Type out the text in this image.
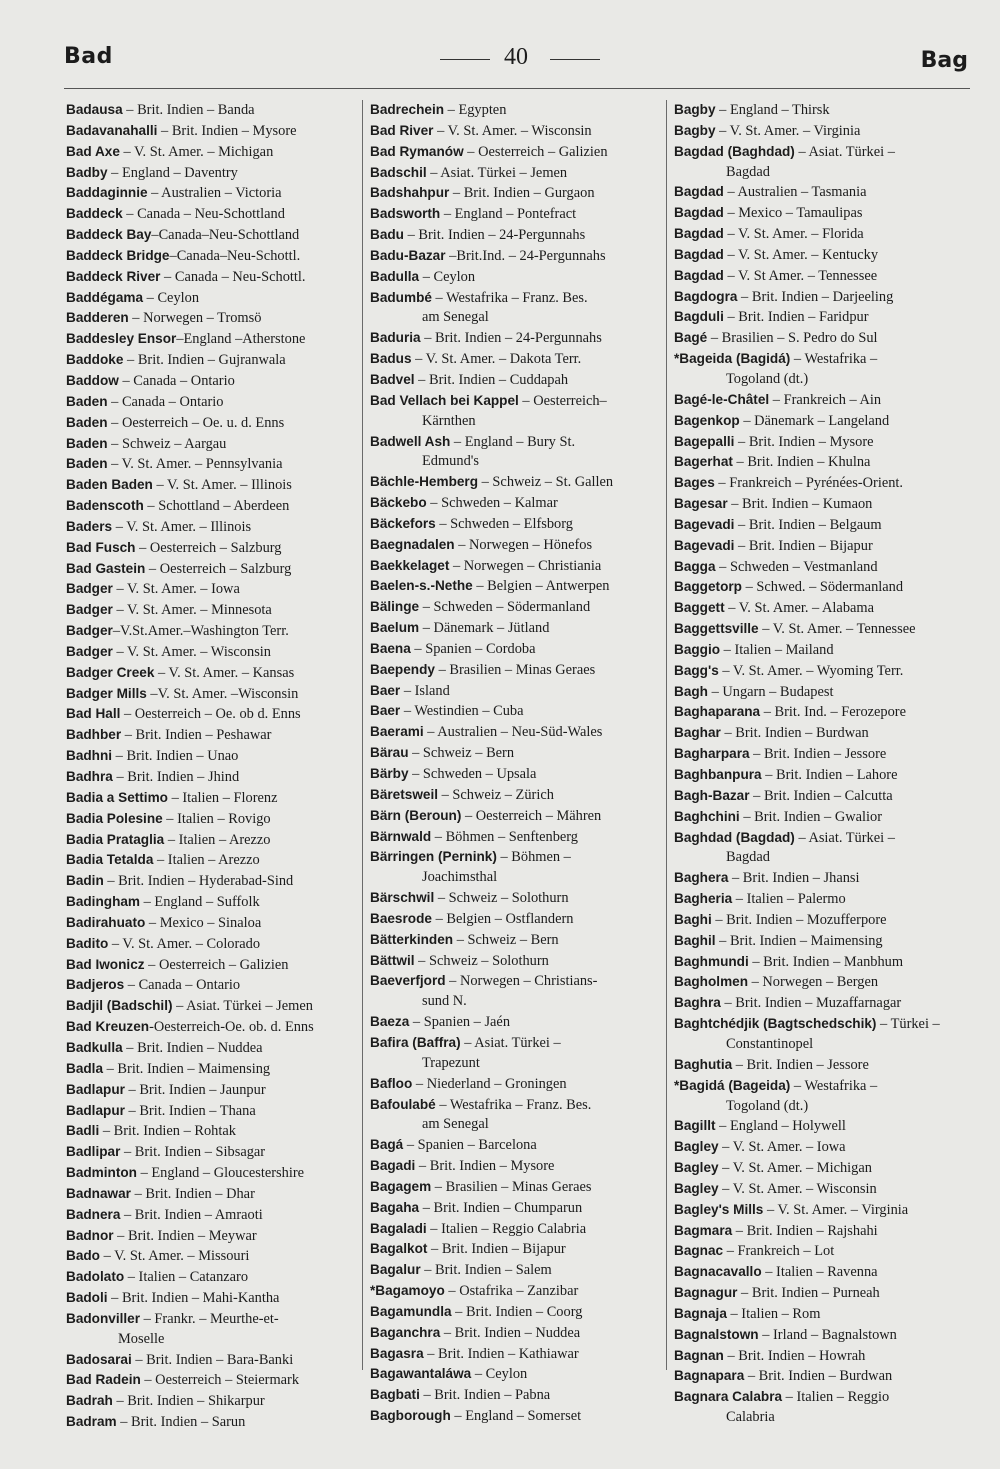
Bad	40	Bag
Badausa – Brit. Indien – Banda
Badavanahalli – Brit. Indien – Mysore
Bad Axe – V. St. Amer. – Michigan
Badby – England – Daventry
Baddaginnie – Australien – Victoria
Baddeck – Canada – Neu-Schottland
Baddeck Bay–Canada–Neu-Schottland
Baddeck Bridge–Canada–Neu-Schottl.
Baddeck River – Canada – Neu-Schottl.
Baddégama – Ceylon
Badderen – Norwegen – Tromsö
Baddesley Ensor–England –Atherstone
Baddoke – Brit. Indien – Gujranwala
Baddow – Canada – Ontario
Baden – Canada – Ontario
Baden – Oesterreich – Oe. u. d. Enns
Baden – Schweiz – Aargau
Baden – V. St. Amer. – Pennsylvania
Baden Baden – V. St. Amer. – Illinois
Badenscoth – Schottland – Aberdeen
Baders – V. St. Amer. – Illinois
Bad Fusch – Oesterreich – Salzburg
Bad Gastein – Oesterreich – Salzburg
Badger – V. St. Amer. – Iowa
Badger – V. St. Amer. – Minnesota
Badger–V.St.Amer.–Washington Terr.
Badger – V. St. Amer. – Wisconsin
Badger Creek – V. St. Amer. – Kansas
Badger Mills –V. St. Amer. –Wisconsin
Bad Hall – Oesterreich – Oe. ob d. Enns
Badhber – Brit. Indien – Peshawar
Badhni – Brit. Indien – Unao
Badhra – Brit. Indien – Jhind
Badia a Settimo – Italien – Florenz
Badia Polesine – Italien – Rovigo
Badia Prataglia – Italien – Arezzo
Badia Tetalda – Italien – Arezzo
Badin – Brit. Indien – Hyderabad-Sind
Badingham – England – Suffolk
Badirahuato – Mexico – Sinaloa
Badito – V. St. Amer. – Colorado
Bad Iwonicz – Oesterreich – Galizien
Badjeros – Canada – Ontario
Badjil (Badschil) – Asiat. Türkei – Jemen
Bad Kreuzen-Oesterreich-Oe. ob. d. Enns
Badkulla – Brit. Indien – Nuddea
Badla – Brit. Indien – Maimensing
Badlapur – Brit. Indien – Jaunpur
Badlapur – Brit. Indien – Thana
Badli – Brit. Indien – Rohtak
Badlipar – Brit. Indien – Sibsagar
Badminton – England – Gloucestershire
Badnawar – Brit. Indien – Dhar
Badnera – Brit. Indien – Amraoti
Badnor – Brit. Indien – Meywar
Bado – V. St. Amer. – Missouri
Badolato – Italien – Catanzaro
Badoli – Brit. Indien – Mahi-Kantha
Badonviller – Frankr. – Meurthe-et-
Moselle
Badosarai – Brit. Indien – Bara-Banki
Bad Radein – Oesterreich – Steiermark
Badrah – Brit. Indien – Shikarpur
Badram – Brit. Indien – Sarun
Badrechein – Egypten
Bad River – V. St. Amer. – Wisconsin
Bad Rymanów – Oesterreich – Galizien
Badschil – Asiat. Türkei – Jemen
Badshahpur – Brit. Indien – Gurgaon
Badsworth – England – Pontefract
Badu – Brit. Indien – 24-Pergunnahs
Badu-Bazar –Brit.Ind. – 24-Pergunnahs
Badulla – Ceylon
Badumbé – Westafrika – Franz. Bes.
am Senegal
Baduria – Brit. Indien – 24-Pergunnahs
Badus – V. St. Amer. – Dakota Terr.
Badvel – Brit. Indien – Cuddapah
Bad Vellach bei Kappel – Oesterreich–
Kärnthen
Badwell Ash – England – Bury St.
Edmund's
Bächle-Hemberg – Schweiz – St. Gallen
Bäckebo – Schweden – Kalmar
Bäckefors – Schweden – Elfsborg
Baegnadalen – Norwegen – Hönefos
Baekkelaget – Norwegen – Christiania
Baelen-s.-Nethe – Belgien – Antwerpen
Bälinge – Schweden – Södermanland
Baelum – Dänemark – Jütland
Baena – Spanien – Cordoba
Baependy – Brasilien – Minas Geraes
Baer – Island
Baer – Westindien – Cuba
Baerami – Australien – Neu-Süd-Wales
Bärau – Schweiz – Bern
Bärby – Schweden – Upsala
Bäretsweil – Schweiz – Zürich
Bärn (Beroun) – Oesterreich – Mähren
Bärnwald – Böhmen – Senftenberg
Bärringen (Pernink) – Böhmen –
Joachimsthal
Bärschwil – Schweiz – Solothurn
Baesrode – Belgien – Ostflandern
Bätterkinden – Schweiz – Bern
Bättwil – Schweiz – Solothurn
Baeverfjord – Norwegen – Christians-
sund N.
Baeza – Spanien – Jaén
Bafira (Baffra) – Asiat. Türkei –
Trapezunt
Bafloo – Niederland – Groningen
Bafoulabé – Westafrika – Franz. Bes.
am Senegal
Bagá – Spanien – Barcelona
Bagadi – Brit. Indien – Mysore
Bagagem – Brasilien – Minas Geraes
Bagaha – Brit. Indien – Chumparun
Bagaladi – Italien – Reggio Calabria
Bagalkot – Brit. Indien – Bijapur
Bagalur – Brit. Indien – Salem
*Bagamoyo – Ostafrika – Zanzibar
Bagamundla – Brit. Indien – Coorg
Baganchra – Brit. Indien – Nuddea
Bagasra – Brit. Indien – Kathiawar
Bagawantaláwa – Ceylon
Bagbati – Brit. Indien – Pabna
Bagborough – England – Somerset
Bagby – England – Thirsk
Bagby – V. St. Amer. – Virginia
Bagdad (Baghdad) – Asiat. Türkei –
Bagdad
Bagdad – Australien – Tasmania
Bagdad – Mexico – Tamaulipas
Bagdad – V. St. Amer. – Florida
Bagdad – V. St. Amer. – Kentucky
Bagdad – V. St Amer. – Tennessee
Bagdogra – Brit. Indien – Darjeeling
Bagduli – Brit. Indien – Faridpur
Bagé – Brasilien – S. Pedro do Sul
*Bageida (Bagidá) – Westafrika –
Togoland (dt.)
Bagé-le-Châtel – Frankreich – Ain
Bagenkop – Dänemark – Langeland
Bagepalli – Brit. Indien – Mysore
Bagerhat – Brit. Indien – Khulna
Bages – Frankreich – Pyrénées-Orient.
Bagesar – Brit. Indien – Kumaon
Bagevadi – Brit. Indien – Belgaum
Bagevadi – Brit. Indien – Bijapur
Bagga – Schweden – Vestmanland
Baggetorp – Schwed. – Södermanland
Baggett – V. St. Amer. – Alabama
Baggettsville – V. St. Amer. – Tennessee
Baggio – Italien – Mailand
Bagg's – V. St. Amer. – Wyoming Terr.
Bagh – Ungarn – Budapest
Baghaparana – Brit. Ind. – Ferozepore
Baghar – Brit. Indien – Burdwan
Bagharpara – Brit. Indien – Jessore
Baghbanpura – Brit. Indien – Lahore
Bagh-Bazar – Brit. Indien – Calcutta
Baghchini – Brit. Indien – Gwalior
Baghdad (Bagdad) – Asiat. Türkei –
Bagdad
Baghera – Brit. Indien – Jhansi
Bagheria – Italien – Palermo
Baghi – Brit. Indien – Mozufferpore
Baghil – Brit. Indien – Maimensing
Baghmundi – Brit. Indien – Manbhum
Bagholmen – Norwegen – Bergen
Baghra – Brit. Indien – Muzaffarnagar
Baghtchédjik (Bagtschedschik) – Türkei –
Constantinopel
Baghutia – Brit. Indien – Jessore
*Bagidá (Bageida) – Westafrika –
Togoland (dt.)
Bagillt – England – Holywell
Bagley – V. St. Amer. – Iowa
Bagley – V. St. Amer. – Michigan
Bagley – V. St. Amer. – Wisconsin
Bagley's Mills – V. St. Amer. – Virginia
Bagmara – Brit. Indien – Rajshahi
Bagnac – Frankreich – Lot
Bagnacavallo – Italien – Ravenna
Bagnagur – Brit. Indien – Purneah
Bagnaja – Italien – Rom
Bagnalstown – Irland – Bagnalstown
Bagnan – Brit. Indien – Howrah
Bagnapara – Brit. Indien – Burdwan
Bagnara Calabra – Italien – Reggio
Calabria
